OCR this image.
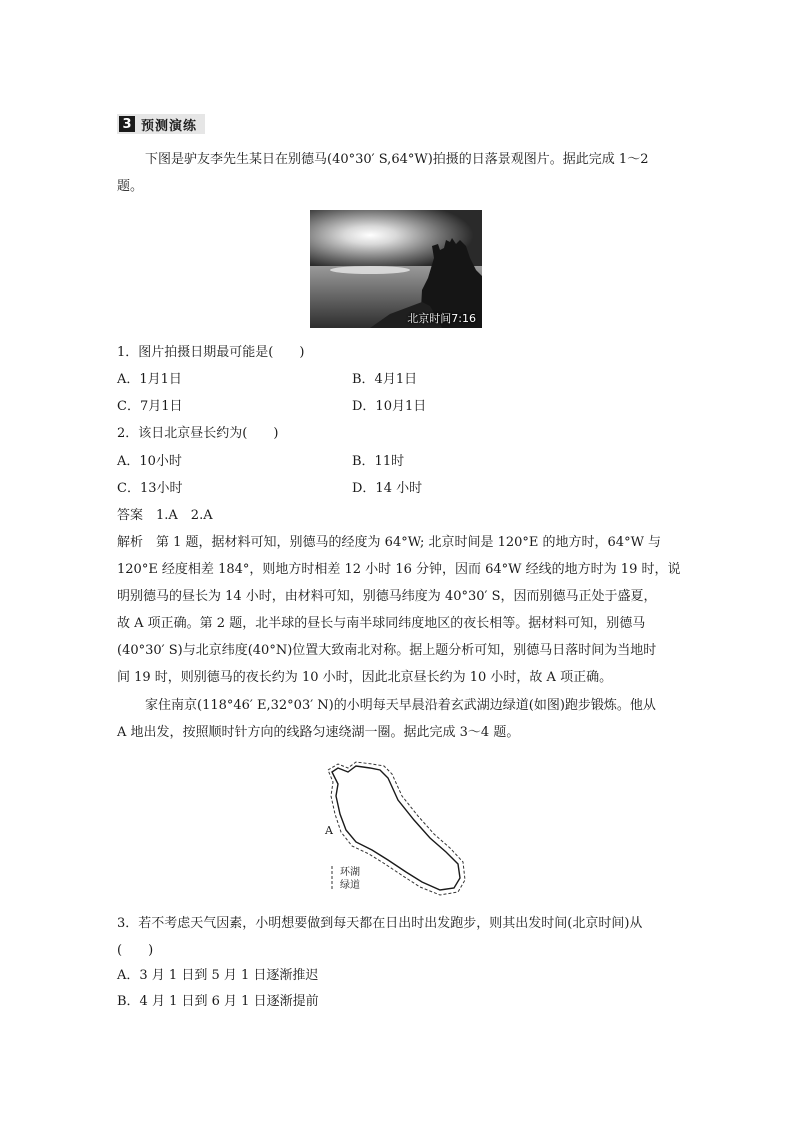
3 预测演练
下图是驴友李先生某日在别德马(40°30′ S,64°W)拍摄的日落景观图片。据此完成 1～2
题。
北京时间7:16
1．图片拍摄日期最可能是(　　)
A．1月1日	B．4月1日
C．7月1日	D．10月1日
2．该日北京昼长约为(　　)
A．10小时	B．11时
C．13小时	D．14 小时
答案　1.A　2.A
解析　第 1 题，据材料可知，别德马的经度为 64°W; 北京时间是 120°E 的地方时，64°W 与
120°E 经度相差 184°，则地方时相差 12 小时 16 分钟，因而 64°W 经线的地方时为 19 时，说
明别德马的昼长为 14 小时，由材料可知，别德马纬度为 40°30′ S，因而别德马正处于盛夏，
故 A 项正确。第 2 题，北半球的昼长与南半球同纬度地区的夜长相等。据材料可知，别德马
(40°30′ S)与北京纬度(40°N)位置大致南北对称。据上题分析可知，别德马日落时间为当地时
间 19 时，则别德马的夜长约为 10 小时，因此北京昼长约为 10 小时，故 A 项正确。
家住南京(118°46′ E,32°03′ N)的小明每天早晨沿着玄武湖边绿道(如图)跑步锻炼。他从
A 地出发，按照顺时针方向的线路匀速绕湖一圈。据此完成 3～4 题。
A
环湖
绿道
3．若不考虑天气因素，小明想要做到每天都在日出时出发跑步，则其出发时间(北京时间)从
(　　)
A．3 月 1 日到 5 月 1 日逐渐推迟
B．4 月 1 日到 6 月 1 日逐渐提前
